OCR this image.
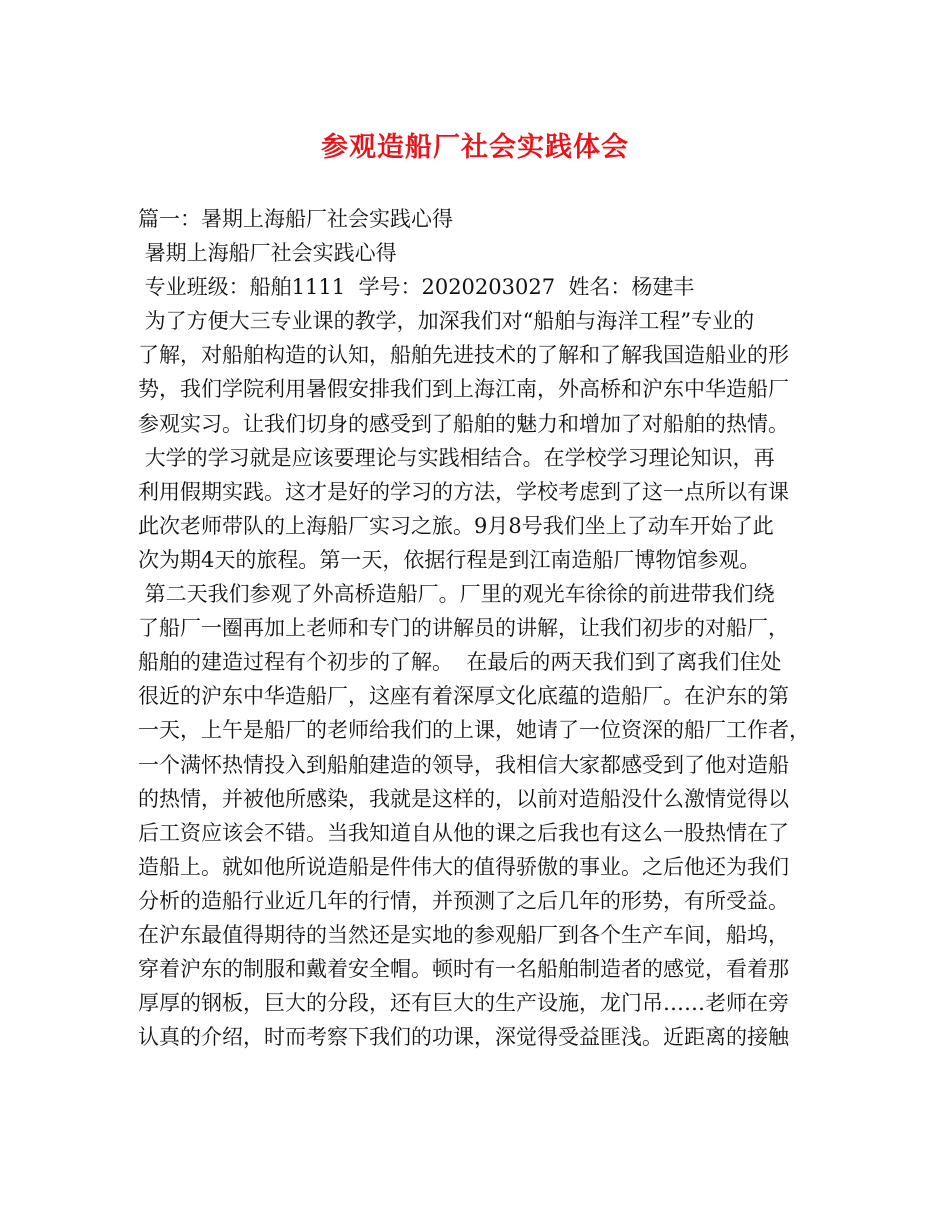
参观造船厂社会实践体会
篇一：暑期上海船厂社会实践心得
暑期上海船厂社会实践心得
专业班级：船舶1111  学号：2020203027  姓名：杨建丰
为了方便大三专业课的教学，加深我们对“船舶与海洋工程”专业的
了解，对船舶构造的认知，船舶先进技术的了解和了解我国造船业的形
势，我们学院利用暑假安排我们到上海江南，外高桥和沪东中华造船厂
参观实习。让我们切身的感受到了船舶的魅力和增加了对船舶的热情。
大学的学习就是应该要理论与实践相结合。在学校学习理论知识，再
利用假期实践。这才是好的学习的方法，学校考虑到了这一点所以有课
此次老师带队的上海船厂实习之旅。9月8号我们坐上了动车开始了此
次为期4天的旅程。第一天，依据行程是到江南造船厂博物馆参观。
第二天我们参观了外高桥造船厂。厂里的观光车徐徐的前进带我们绕
了船厂一圈再加上老师和专门的讲解员的讲解，让我们初步的对船厂，
船舶的建造过程有个初步的了解。  在最后的两天我们到了离我们住处
很近的沪东中华造船厂，这座有着深厚文化底蕴的造船厂。在沪东的第
一天，上午是船厂的老师给我们的上课，她请了一位资深的船厂工作者，
一个满怀热情投入到船舶建造的领导，我相信大家都感受到了他对造船
的热情，并被他所感染，我就是这样的，以前对造船没什么激情觉得以
后工资应该会不错。当我知道自从他的课之后我也有这么一股热情在了
造船上。就如他所说造船是件伟大的值得骄傲的事业。之后他还为我们
分析的造船行业近几年的行情，并预测了之后几年的形势，有所受益。
在沪东最值得期待的当然还是实地的参观船厂到各个生产车间，船坞，
穿着沪东的制服和戴着安全帽。顿时有一名船舶制造者的感觉，看着那
厚厚的钢板，巨大的分段，还有巨大的生产设施，龙门吊……老师在旁
认真的介绍，时而考察下我们的功课，深觉得受益匪浅。近距离的接触
